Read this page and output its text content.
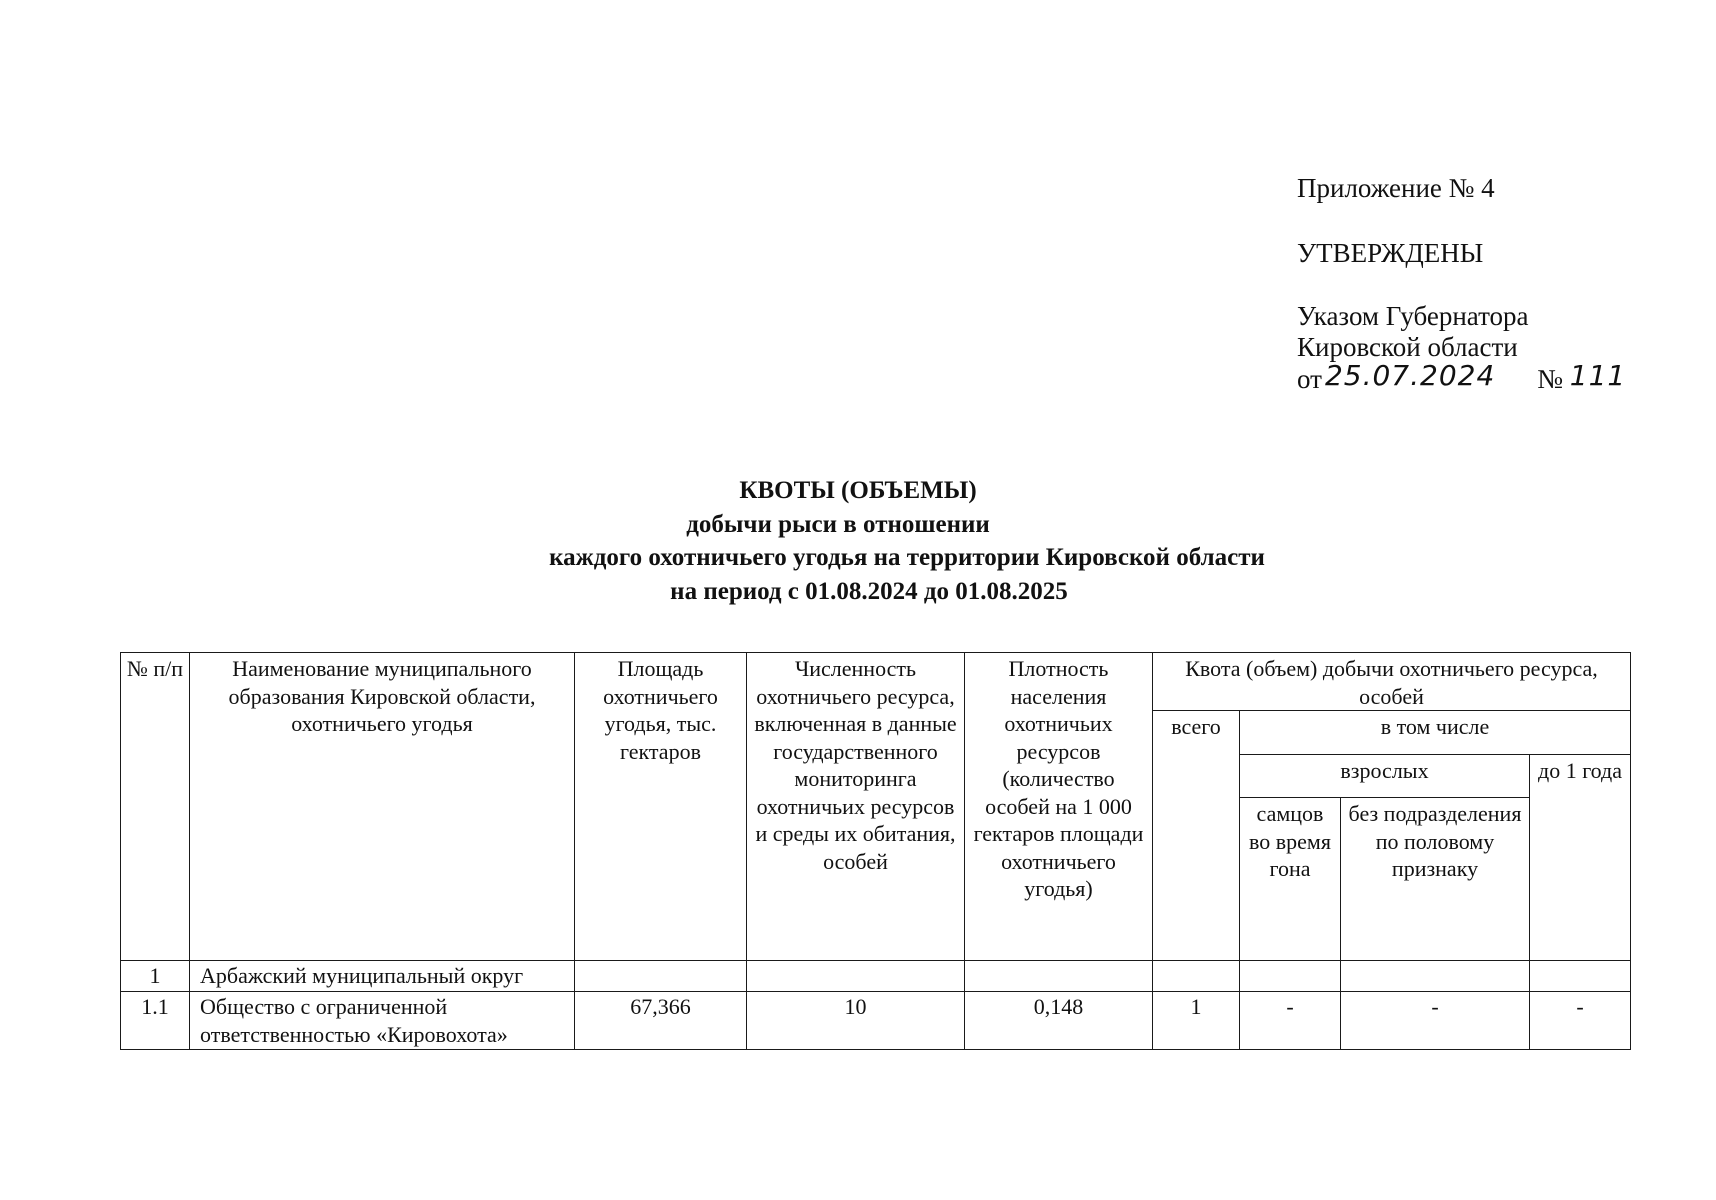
Приложение № 4
УТВЕРЖДЕНЫ
Указом Губернатора
Кировской области
от 25.07.2024 № 111
КВОТЫ (ОБЪЕМЫ)
добычи рыси в отношении
каждого охотничьего угодья на территории Кировской области
на период с 01.08.2024 до 01.08.2025
№ п/п	Наименование муниципального образования Кировской области, охотничьего угодья	Площадь охотничьего угодья, тыс. гектаров	Численность охотничьего ресурса, включенная в данные государственного мониторинга охотничьих ресурсов и среды их обитания, особей	Плотность населения охотничьих ресурсов (количество особей на 1 000 гектаров площади охотничьего угодья)	Квота (объем) добычи охотничьего ресурса, особей			
					всего	в том числе		
						взрослых		до 1 года
						самцов во время гона	без подразделения по половому признаку	
1	Арбажский муниципальный округ							
1.1	Общество с ограниченной ответственностью «Кировохота»	67,366	10	0,148	1	-	-	-
